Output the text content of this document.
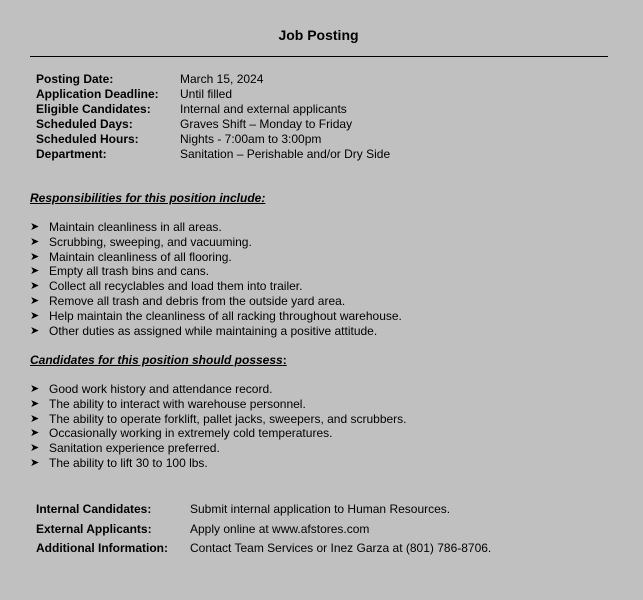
Job Posting
Posting Date:	March 15, 2024
Application Deadline:	Until filled
Eligible Candidates:	Internal and external applicants
Scheduled Days:	Graves Shift – Monday to Friday
Scheduled Hours:	Nights - 7:00am to 3:00pm
Department:	Sanitation – Perishable and/or Dry Side
Responsibilities for this position include:
➤ Maintain cleanliness in all areas.
➤ Scrubbing, sweeping, and vacuuming.
➤ Maintain cleanliness of all flooring.
➤ Empty all trash bins and cans.
➤ Collect all recyclables and load them into trailer.
➤ Remove all trash and debris from the outside yard area.
➤ Help maintain the cleanliness of all racking throughout warehouse.
➤ Other duties as assigned while maintaining a positive attitude.
Candidates for this position should possess:
➤ Good work history and attendance record.
➤ The ability to interact with warehouse personnel.
➤ The ability to operate forklift, pallet jacks, sweepers, and scrubbers.
➤ Occasionally working in extremely cold temperatures.
➤ Sanitation experience preferred.
➤ The ability to lift 30 to 100 lbs.
Internal Candidates:	Submit internal application to Human Resources.
External Applicants:	Apply online at www.afstores.com
Additional Information:	Contact Team Services or Inez Garza at (801) 786-8706.
